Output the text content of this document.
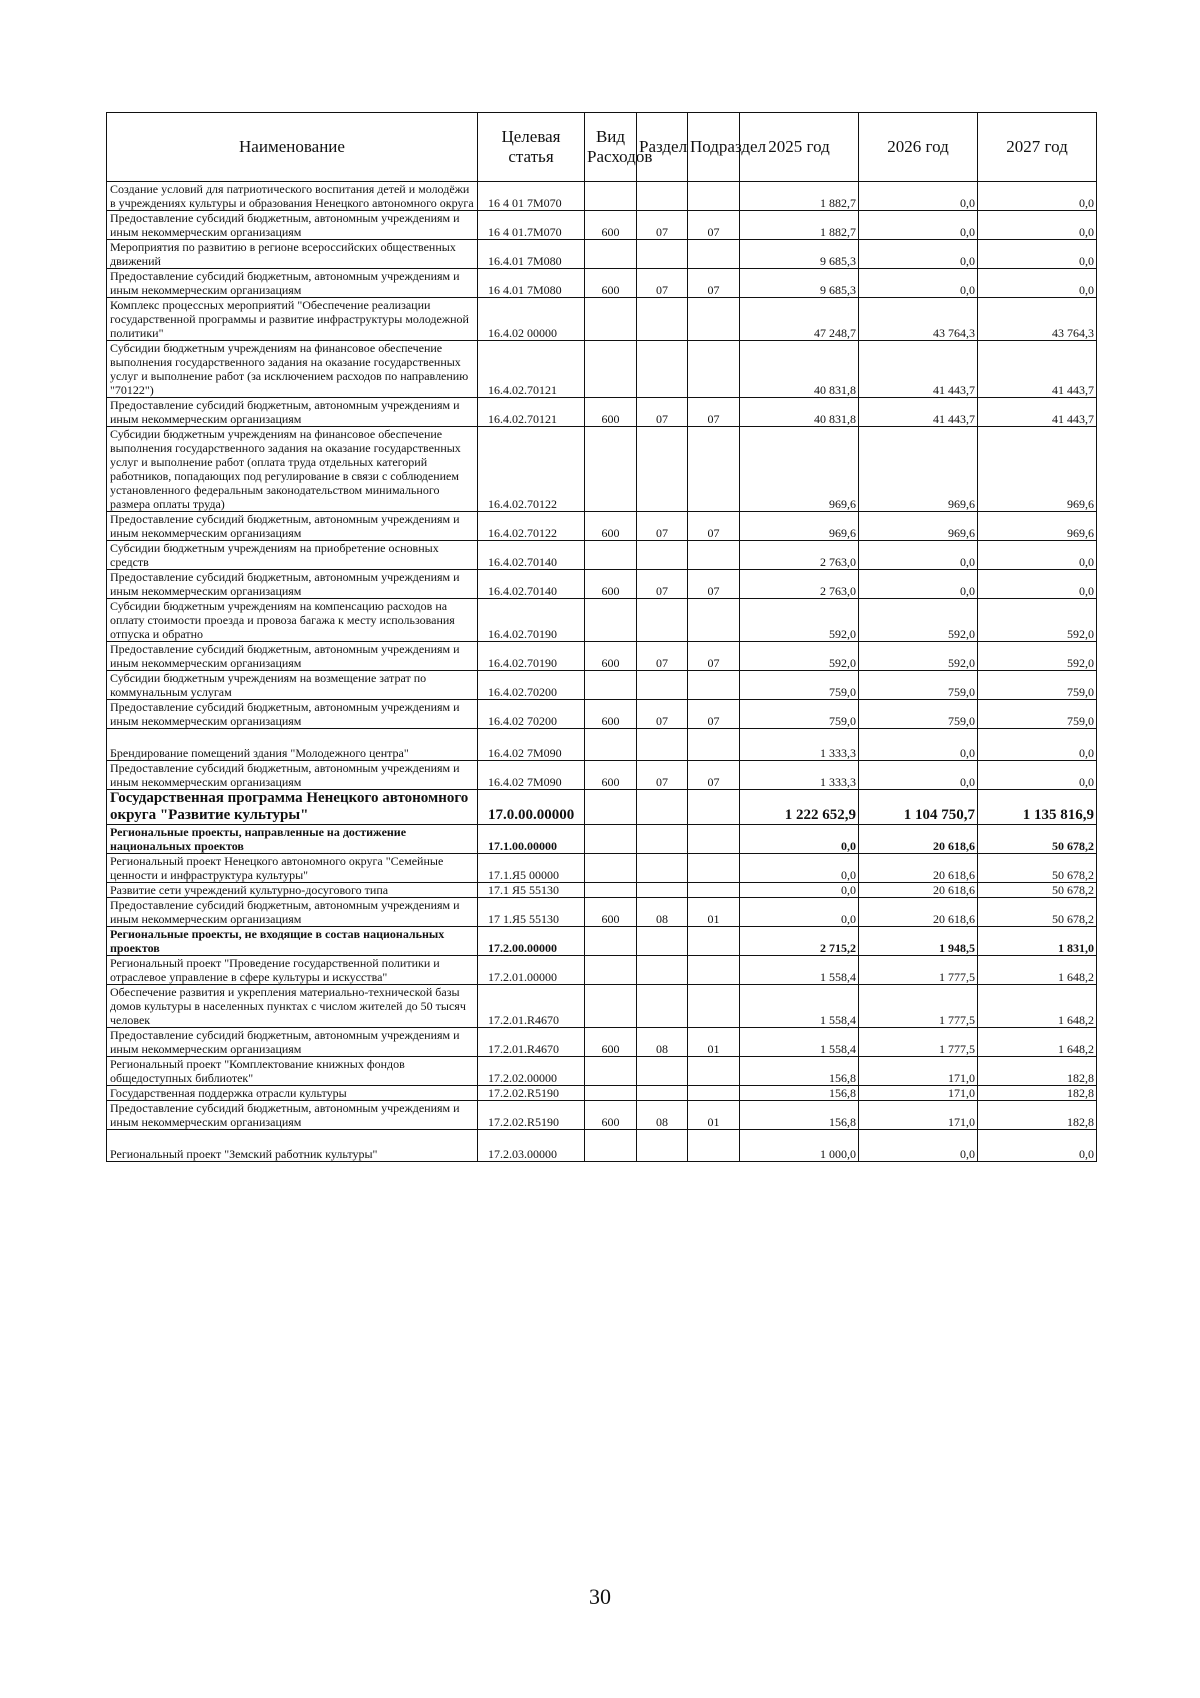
Наименование	Целевая статья	Вид Расходов	Раздел	Подраздел	2025 год	2026 год	2027 год
Создание условий для патриотического воспитания детей и молодёжи в учреждениях культуры и образования Ненецкого автономного округа	16 4 01 7М070				1 882,7	0,0	0,0
Предоставление субсидий бюджетным, автономным учреждениям и иным некоммерческим организациям	16 4 01.7М070	600	07	07	1 882,7	0,0	0,0
Мероприятия по развитию в регионе всероссийских общественных движений	16.4.01 7М080				9 685,3	0,0	0,0
Предоставление субсидий бюджетным, автономным учреждениям и иным некоммерческим организациям	16 4.01 7М080	600	07	07	9 685,3	0,0	0,0
Комплекс процессных мероприятий "Обеспечение реализации государственной программы и развитие инфраструктуры молодежной политики"	16.4.02 00000				47 248,7	43 764,3	43 764,3
Субсидии бюджетным учреждениям на финансовое обеспечение выполнения государственного задания на оказание государственных услуг и выполнение работ (за исключением расходов по направлению "70122")	16.4.02.70121				40 831,8	41 443,7	41 443,7
Предоставление субсидий бюджетным, автономным учреждениям и иным некоммерческим организациям	16.4.02.70121	600	07	07	40 831,8	41 443,7	41 443,7
Субсидии бюджетным учреждениям на финансовое обеспечение выполнения государственного задания на оказание государственных услуг и выполнение работ (оплата труда отдельных категорий работников, попадающих под регулирование в связи с соблюдением установленного федеральным законодательством минимального размера оплаты труда)	16.4.02.70122				969,6	969,6	969,6
Предоставление субсидий бюджетным, автономным учреждениям и иным некоммерческим организациям	16.4.02.70122	600	07	07	969,6	969,6	969,6
Субсидии бюджетным учреждениям на приобретение основных средств	16.4.02.70140				2 763,0	0,0	0,0
Предоставление субсидий бюджетным, автономным учреждениям и иным некоммерческим организациям	16.4.02.70140	600	07	07	2 763,0	0,0	0,0
Субсидии бюджетным учреждениям на компенсацию расходов на оплату стоимости проезда и провоза багажа к месту использования отпуска и обратно	16.4.02.70190				592,0	592,0	592,0
Предоставление субсидий бюджетным, автономным учреждениям и иным некоммерческим организациям	16.4.02.70190	600	07	07	592,0	592,0	592,0
Субсидии бюджетным учреждениям на возмещение затрат по коммунальным услугам	16.4.02.70200				759,0	759,0	759,0
Предоставление субсидий бюджетным, автономным учреждениям и иным некоммерческим организациям	16.4.02 70200	600	07	07	759,0	759,0	759,0
Брендирование помещений здания "Молодежного центра"	16.4.02 7М090				1 333,3	0,0	0,0
Предоставление субсидий бюджетным, автономным учреждениям и иным некоммерческим организациям	16.4.02 7М090	600	07	07	1 333,3	0,0	0,0
Государственная программа Ненецкого автономного округа "Развитие культуры"	17.0.00.00000				1 222 652,9	1 104 750,7	1 135 816,9
Региональные проекты, направленные на достижение национальных проектов	17.1.00.00000				0,0	20 618,6	50 678,2
Региональный проект Ненецкого автономного округа "Семейные ценности и инфраструктура культуры"	17.1.Я5 00000				0,0	20 618,6	50 678,2
Развитие сети учреждений культурно-досугового типа	17.1 Я5 55130				0,0	20 618,6	50 678,2
Предоставление субсидий бюджетным, автономным учреждениям и иным некоммерческим организациям	17 1.Я5 55130	600	08	01	0,0	20 618,6	50 678,2
Региональные проекты, не входящие в состав национальных проектов	17.2.00.00000				2 715,2	1 948,5	1 831,0
Региональный проект "Проведение государственной политики и отраслевое управление в сфере культуры и искусства"	17.2.01.00000				1 558,4	1 777,5	1 648,2
Обеспечение развития и укрепления материально-технической базы домов культуры в населенных пунктах с числом жителей до 50 тысяч человек	17.2.01.R4670				1 558,4	1 777,5	1 648,2
Предоставление субсидий бюджетным, автономным учреждениям и иным некоммерческим организациям	17.2.01.R4670	600	08	01	1 558,4	1 777,5	1 648,2
Региональный проект "Комплектование книжных фондов общедоступных библиотек"	17.2.02.00000				156,8	171,0	182,8
Государственная поддержка отрасли культуры	17.2.02.R5190				156,8	171,0	182,8
Предоставление субсидий бюджетным, автономным учреждениям и иным некоммерческим организациям	17.2.02.R5190	600	08	01	156,8	171,0	182,8
Региональный проект "Земский работник культуры"	17.2.03.00000				1 000,0	0,0	0,0
30
